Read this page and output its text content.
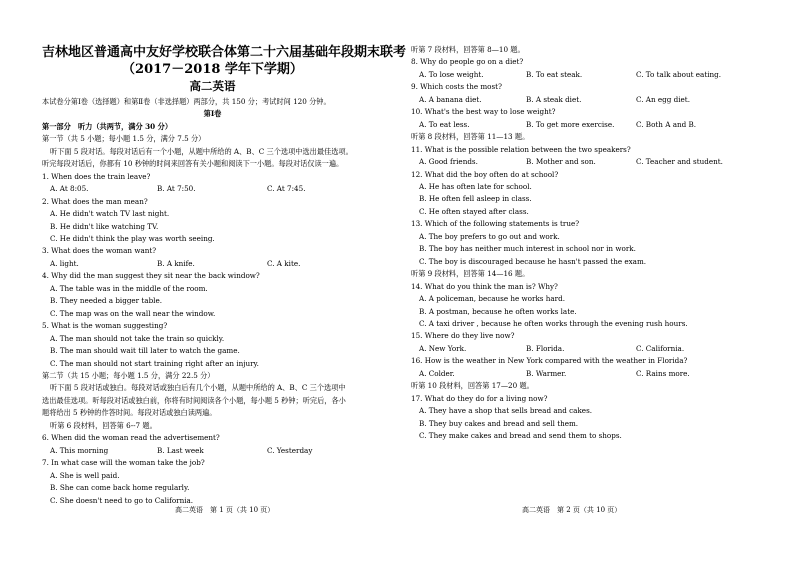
吉林地区普通高中友好学校联合体第二十六届基础年段期末联考
（2017－2018 学年下学期）
高二英语
本试卷分第Ⅰ卷（选择题）和第Ⅱ卷（非选择题）两部分，共 150 分；考试时间 120 分钟。
第Ⅰ卷
第一部分　听力（共两节，满分 30 分）
第一节（共 5 小题；每小题 1.5 分，满分 7.5 分）
听下面 5 段对话。每段对话后有一个小题，从题中所给的 A、B、C 三个选项中选出最佳选项。
听完每段对话后，你都有 10 秒钟的时间来回答有关小题和阅读下一小题。每段对话仅读一遍。
1. When does the train leave?
A. At 8:05.	B. At 7:50.	C. At 7:45.
2. What does the man mean?
A. He didn't watch TV last night.
B. He didn't like watching TV.
C. He didn't think the play was worth seeing.
3. What does the woman want?
A. light.	B. A knife.	C. A kite.
4. Why did the man suggest they sit near the back window?
A. The table was in the middle of the room.
B. They needed a bigger table.
C. The map was on the wall near the window.
5. What is the woman suggesting?
A. The man should not take the train so quickly.
B. The man should wait till later to watch the game.
C. The man should not start training right after an injury.
第二节（共 15 小题；每小题 1.5 分，满分 22.5 分）
听下面 5 段对话或独白。每段对话或独白后有几个小题，从题中所给的 A、B、C 三个选项中
选出最佳选项。听每段对话或独白前，你将有时间阅读各个小题，每小题 5 秒钟；听完后，各小
题将给出 5 秒钟的作答时间。每段对话或独白读两遍。
听第 6 段材料，回答第 6--7 题。
6. When did the woman read the advertisement?
A. This morning	B. Last week	C. Yesterday
7. In what case will the woman take the job?
A. She is well paid.
B. She can come back home regularly.
C. She doesn't need to go to California.
听第 7 段材料，回答第 8—10 题。
8. Why do people go on a diet?
A. To lose weight.	B. To eat steak.	C. To talk about eating.
9. Which costs the most?
A. A banana diet.	B. A steak diet.	C. An egg diet.
10. What's the best way to lose weight?
A. To eat less.	B. To get more exercise.	C. Both A and B.
听第 8 段材料，回答第 11—13 题。
11. What is the possible relation between the two speakers?
A. Good friends.	B. Mother and son.	C. Teacher and student.
12. What did the boy often do at school?
A. He has often late for school.
B. He often fell asleep in class.
C. He often stayed after class.
13. Which of the following statements is true?
A. The boy prefers to go out and work.
B. The boy has neither much interest in school nor in work.
C. The boy is discouraged because he hasn't passed the exam.
听第 9 段材料，回答第 14—16 题。
14. What do you think the man is? Why?
A. A policeman, because he works hard.
B. A postman, because he often works late.
C. A taxi driver , because he often works through the evening rush hours.
15. Where do they live now?
A. New York.	B. Florida.	C. California.
16. How is the weather in New York compared with the weather in Florida?
A. Colder.	B. Warmer.	C. Rains more.
听第 10 段材料，回答第 17—20 题。
17. What do they do for a living now?
A. They have a shop that sells bread and cakes.
B. They buy cakes and bread and sell them.
C. They make cakes and bread and send them to shops.
高二英语　第 1 页（共 10 页）	高二英语　第 2 页（共 10 页）
